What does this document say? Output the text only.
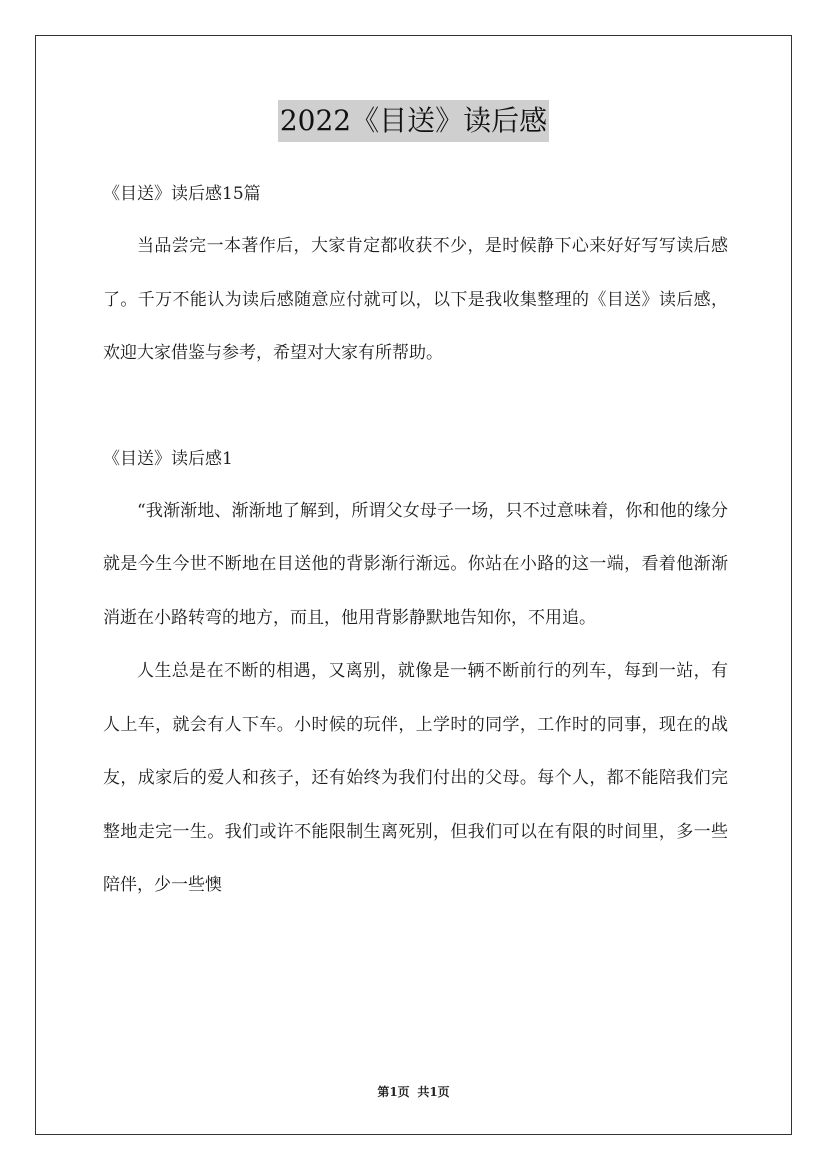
2022《目送》读后感

《目送》读后感15篇

当品尝完一本著作后，大家肯定都收获不少，是时候静下心来好好写写读后感了。千万不能认为读后感随意应付就可以，以下是我收集整理的《目送》读后感，欢迎大家借鉴与参考，希望对大家有所帮助。

《目送》读后感1

“我渐渐地、渐渐地了解到，所谓父女母子一场，只不过意味着，你和他的缘分就是今生今世不断地在目送他的背影渐行渐远。你站在小路的这一端，看着他渐渐消逝在小路转弯的地方，而且，他用背影静默地告知你，不用追。

人生总是在不断的相遇，又离别，就像是一辆不断前行的列车，每到一站，有人上车，就会有人下车。小时候的玩伴，上学时的同学，工作时的同事，现在的战友，成家后的爱人和孩子，还有始终为我们付出的父母。每个人，都不能陪我们完整地走完一生。我们或许不能限制生离死别，但我们可以在有限的时间里，多一些陪伴，少一些懊

第1页 共1页
